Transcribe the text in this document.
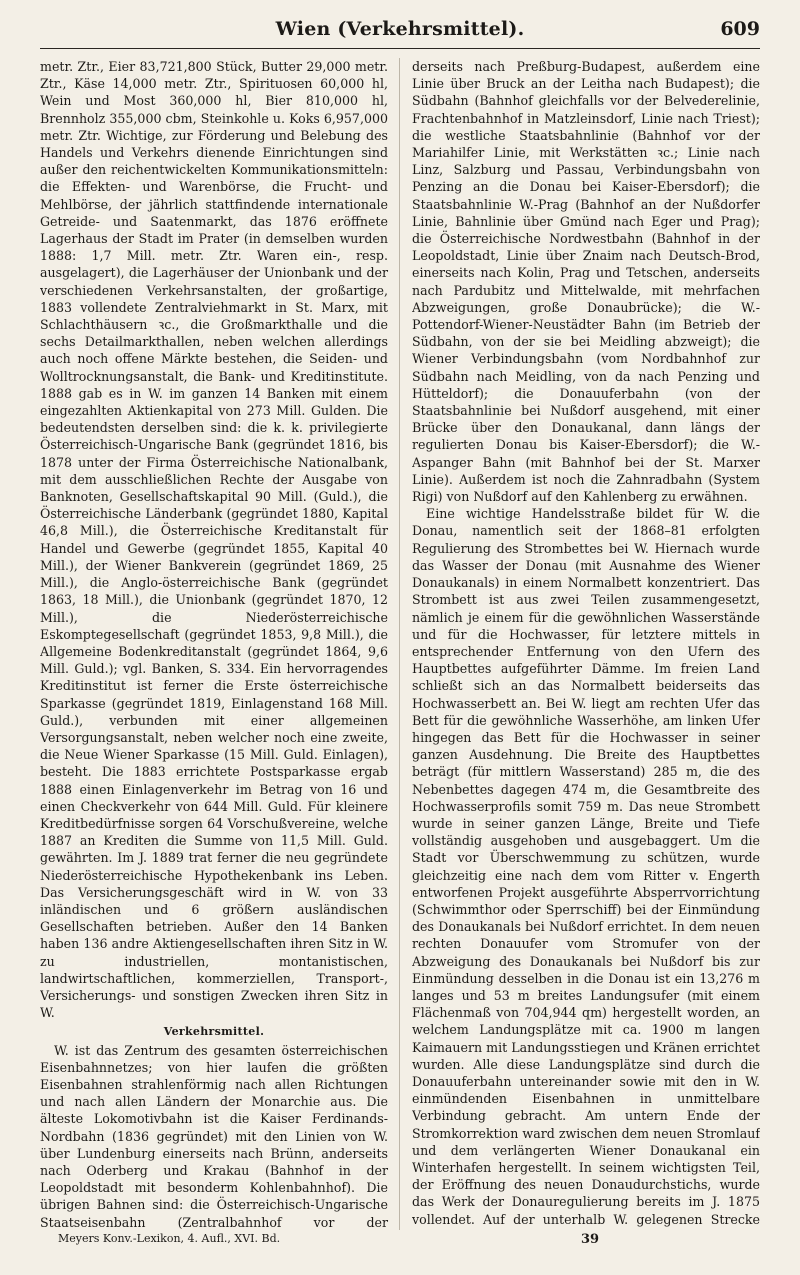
Wien (Verkehrsmittel).	609

metr. Ztr., Eier 83,721,800 Stück, Butter 29,000 metr. Ztr., Käse 14,000 metr. Ztr., Spirituosen 60,000 hl, Wein und Most 360,000 hl, Bier 810,000 hl, Brennholz 355,000 cbm, Steinkohle u. Koks 6,957,000 metr. Ztr. Wichtige, zur Förderung und Belebung des Handels und Verkehrs dienende Einrichtungen sind außer den reichentwickelten Kommunikationsmitteln: die Effekten- und Warenbörse, die Frucht- und Mehlbörse, der jährlich stattfindende internationale Getreide- und Saatenmarkt, das 1876 eröffnete Lagerhaus der Stadt im Prater (in demselben wurden 1888: 1,7 Mill. metr. Ztr. Waren ein-, resp. ausgelagert), die Lagerhäuser der Unionbank und der verschiedenen Verkehrsanstalten, der großartige, 1883 vollendete Zentralviehmarkt in St. Marx, mit Schlachthäusern ꝛc., die Großmarkthalle und die sechs Detailmarkthallen, neben welchen allerdings auch noch offene Märkte bestehen, die Seiden- und Wolltrocknungsanstalt, die Bank- und Kreditinstitute. 1888 gab es in W. im ganzen 14 Banken mit einem eingezahlten Aktienkapital von 273 Mill. Gulden. Die bedeutendsten derselben sind: die k. k. privilegierte Österreichisch-Ungarische Bank (gegründet 1816, bis 1878 unter der Firma Österreichische Nationalbank, mit dem ausschließlichen Rechte der Ausgabe von Banknoten, Gesellschaftskapital 90 Mill. (Guld.), die Österreichische Länderbank (gegründet 1880, Kapital 46,8 Mill.), die Österreichische Kreditanstalt für Handel und Gewerbe (gegründet 1855, Kapital 40 Mill.), der Wiener Bankverein (gegründet 1869, 25 Mill.), die Anglo-österreichische Bank (gegründet 1863, 18 Mill.), die Unionbank (gegründet 1870, 12 Mill.), die Niederösterreichische Eskomptegesellschaft (gegründet 1853, 9,8 Mill.), die Allgemeine Bodenkreditanstalt (gegründet 1864, 9,6 Mill. Guld.); vgl. Banken, S. 334. Ein hervorragendes Kreditinstitut ist ferner die Erste österreichische Sparkasse (gegründet 1819, Einlagenstand 168 Mill. Guld.), verbunden mit einer allgemeinen Versorgungsanstalt, neben welcher noch eine zweite, die Neue Wiener Sparkasse (15 Mill. Guld. Einlagen), besteht. Die 1883 errichtete Postsparkasse ergab 1888 einen Einlagenverkehr im Betrag von 16 und einen Checkverkehr von 644 Mill. Guld. Für kleinere Kreditbedürfnisse sorgen 64 Vorschußvereine, welche 1887 an Krediten die Summe von 11,5 Mill. Guld. gewährten. Im J. 1889 trat ferner die neu gegründete Niederösterreichische Hypothekenbank ins Leben. Das Versicherungsgeschäft wird in W. von 33 inländischen und 6 größern ausländischen Gesellschaften betrieben. Außer den 14 Banken haben 136 andre Aktiengesellschaften ihren Sitz in W. zu industriellen, montanistischen, landwirtschaftlichen, kommerziellen, Transport-, Versicherungs- und sonstigen Zwecken ihren Sitz in W.

Verkehrsmittel.

W. ist das Zentrum des gesamten österreichischen Eisenbahnnetzes; von hier laufen die größten Eisenbahnen strahlenförmig nach allen Richtungen und nach allen Ländern der Monarchie aus. Die älteste Lokomotivbahn ist die Kaiser Ferdinands-Nordbahn (1836 gegründet) mit den Linien von W. über Lundenburg einerseits nach Brünn, anderseits nach Oderberg und Krakau (Bahnhof in der Leopoldstadt mit besonderm Kohlenbahnhof). Die übrigen Bahnen sind: die Österreichisch-Ungarische Staatseisenbahn (Zentralbahnhof vor der

derseits nach Preßburg-Budapest, außerdem eine Linie über Bruck an der Leitha nach Budapest); die Südbahn (Bahnhof gleichfalls vor der Belvederelinie, Frachtenbahnhof in Matzleinsdorf, Linie nach Triest); die westliche Staatsbahnlinie (Bahnhof vor der Mariahilfer Linie, mit Werkstätten ꝛc.; Linie nach Linz, Salzburg und Passau, Verbindungsbahn von Penzing an die Donau bei Kaiser-Ebersdorf); die Staatsbahnlinie W.-Prag (Bahnhof an der Nußdorfer Linie, Bahnlinie über Gmünd nach Eger und Prag); die Österreichische Nordwestbahn (Bahnhof in der Leopoldstadt, Linie über Znaim nach Deutsch-Brod, einerseits nach Kolin, Prag und Tetschen, anderseits nach Pardubitz und Mittelwalde, mit mehrfachen Abzweigungen, große Donaubrücke); die W.-Pottendorf-Wiener-Neustädter Bahn (im Betrieb der Südbahn, von der sie bei Meidling abzweigt); die Wiener Verbindungsbahn (vom Nordbahnhof zur Südbahn nach Meidling, von da nach Penzing und Hütteldorf); die Donauuferbahn (von der Staatsbahnlinie bei Nußdorf ausgehend, mit einer Brücke über den Donaukanal, dann längs der regulierten Donau bis Kaiser-Ebersdorf); die W.-Aspanger Bahn (mit Bahnhof bei der St. Marxer Linie). Außerdem ist noch die Zahnradbahn (System Rigi) von Nußdorf auf den Kahlenberg zu erwähnen.

Eine wichtige Handelsstraße bildet für W. die Donau, namentlich seit der 1868–81 erfolgten Regulierung des Strombettes bei W. Hiernach wurde das Wasser der Donau (mit Ausnahme des Wiener Donaukanals) in einem Normalbett konzentriert. Das Strombett ist aus zwei Teilen zusammengesetzt, nämlich je einem für die gewöhnlichen Wasserstände und für die Hochwasser, für letztere mittels in entsprechender Entfernung von den Ufern des Hauptbettes aufgeführter Dämme. Im freien Land schließt sich an das Normalbett beiderseits das Hochwasserbett an. Bei W. liegt am rechten Ufer das Bett für die gewöhnliche Wasserhöhe, am linken Ufer hingegen das Bett für die Hochwasser in seiner ganzen Ausdehnung. Die Breite des Hauptbettes beträgt (für mittlern Wasserstand) 285 m, die des Nebenbettes dagegen 474 m, die Gesamtbreite des Hochwasserprofils somit 759 m. Das neue Strombett wurde in seiner ganzen Länge, Breite und Tiefe vollständig ausgehoben und ausgebaggert. Um die Stadt vor Überschwemmung zu schützen, wurde gleichzeitig eine nach dem vom Ritter v. Engerth entworfenen Projekt ausgeführte Absperrvorrichtung (Schwimmthor oder Sperrschiff) bei der Einmündung des Donaukanals bei Nußdorf errichtet. In dem neuen rechten Donauufer vom Stromufer von der Abzweigung des Donaukanals bei Nußdorf bis zur Einmündung desselben in die Donau ist ein 13,276 m langes und 53 m breites Landungsufer (mit einem Flächenmaß von 704,944 qm) hergestellt worden, an welchem Landungsplätze mit ca. 1900 m langen Kaimauern mit Landungsstiegen und Kränen errichtet wurden. Alle diese Landungsplätze sind durch die Donauuferbahn untereinander sowie mit den in W. einmündenden Eisenbahnen in unmittelbare Verbindung gebracht. Am untern Ende der Stromkorrektion ward zwischen dem neuen Stromlauf und dem verlängerten Wiener Donaukanal ein Winterhafen hergestellt. In seinem wichtigsten Teil, der Eröffnung des neuen Donaudurchstichs, wurde das Werk der Donauregulierung bereits im J. 1875 vollendet. Auf der unterhalb W. gelegenen Strecke

Meyers Konv.-Lexikon, 4. Aufl., XVI. Bd.	39
